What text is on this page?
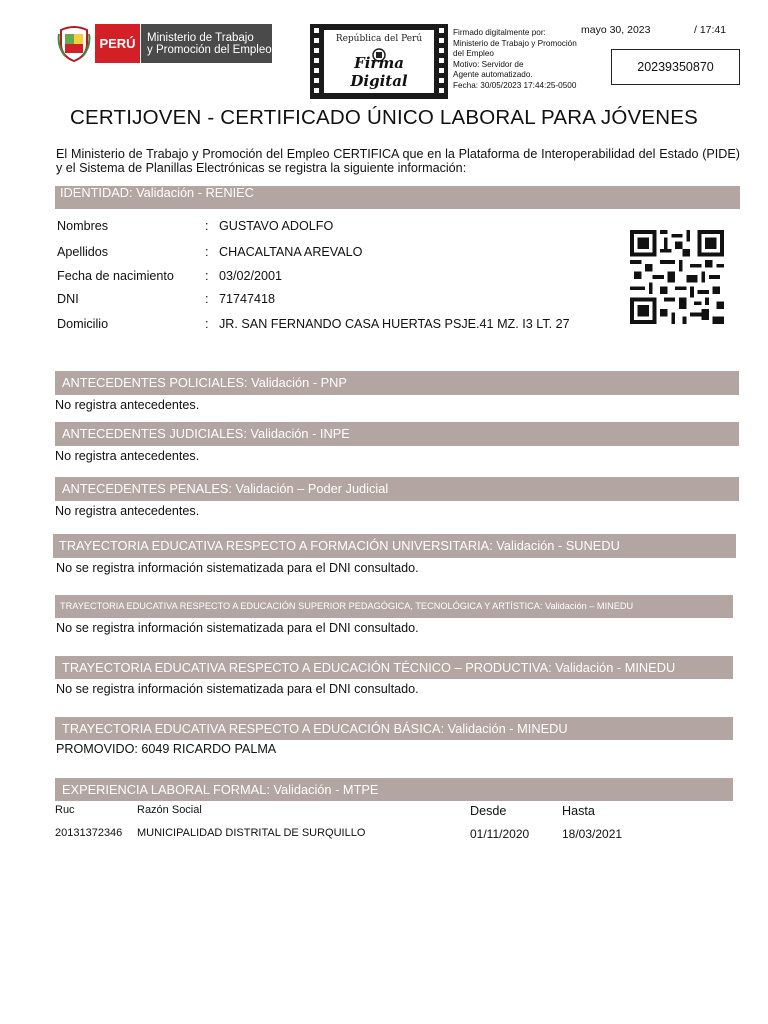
PERÚ Ministerio de Trabajo
y Promoción del Empleo
República del Perú
Firma Digital
Firmado digitalmente por:
Ministerio de Trabajo y Promoción
del Empleo
Motivo: Servidor de
Agente automatizado.
Fecha: 30/05/2023 17:44:25-0500
mayo 30, 2023	/ 17:41
20239350870
CERTIJOVEN - CERTIFICADO ÚNICO LABORAL PARA JÓVENES
El Ministerio de Trabajo y Promoción del Empleo CERTIFICA que en la Plataforma de Interoperabilidad del Estado (PIDE) y el Sistema de Planillas Electrónicas se registra la siguiente información:
IDENTIDAD: Validación - RENIEC
Nombres	: GUSTAVO ADOLFO
Apellidos	: CHACALTANA AREVALO
Fecha de nacimiento : 03/02/2001
DNI	: 71747418
Domicilio	: JR. SAN FERNANDO CASA HUERTAS PSJE.41 MZ. I3 LT. 27
ANTECEDENTES POLICIALES: Validación - PNP
No registra antecedentes.
ANTECEDENTES JUDICIALES: Validación - INPE
No registra antecedentes.
ANTECEDENTES PENALES: Validación – Poder Judicial
No registra antecedentes.
TRAYECTORIA EDUCATIVA RESPECTO A FORMACIÓN UNIVERSITARIA: Validación - SUNEDU
No se registra información sistematizada para el DNI consultado.
TRAYECTORIA EDUCATIVA RESPECTO A EDUCACIÓN SUPERIOR PEDAGÓGICA, TECNOLÓGICA Y ARTÍSTICA: Validación – MINEDU
No se registra información sistematizada para el DNI consultado.
TRAYECTORIA EDUCATIVA RESPECTO A EDUCACIÓN TÉCNICO – PRODUCTIVA: Validación - MINEDU
No se registra información sistematizada para el DNI consultado.
TRAYECTORIA EDUCATIVA RESPECTO A EDUCACIÓN BÁSICA: Validación - MINEDU
PROMOVIDO: 6049 RICARDO PALMA
EXPERIENCIA LABORAL FORMAL: Validación - MTPE
Ruc	Razón Social	Desde	Hasta
20131372346 MUNICIPALIDAD DISTRITAL DE SURQUILLO	01/11/2020	18/03/2021
